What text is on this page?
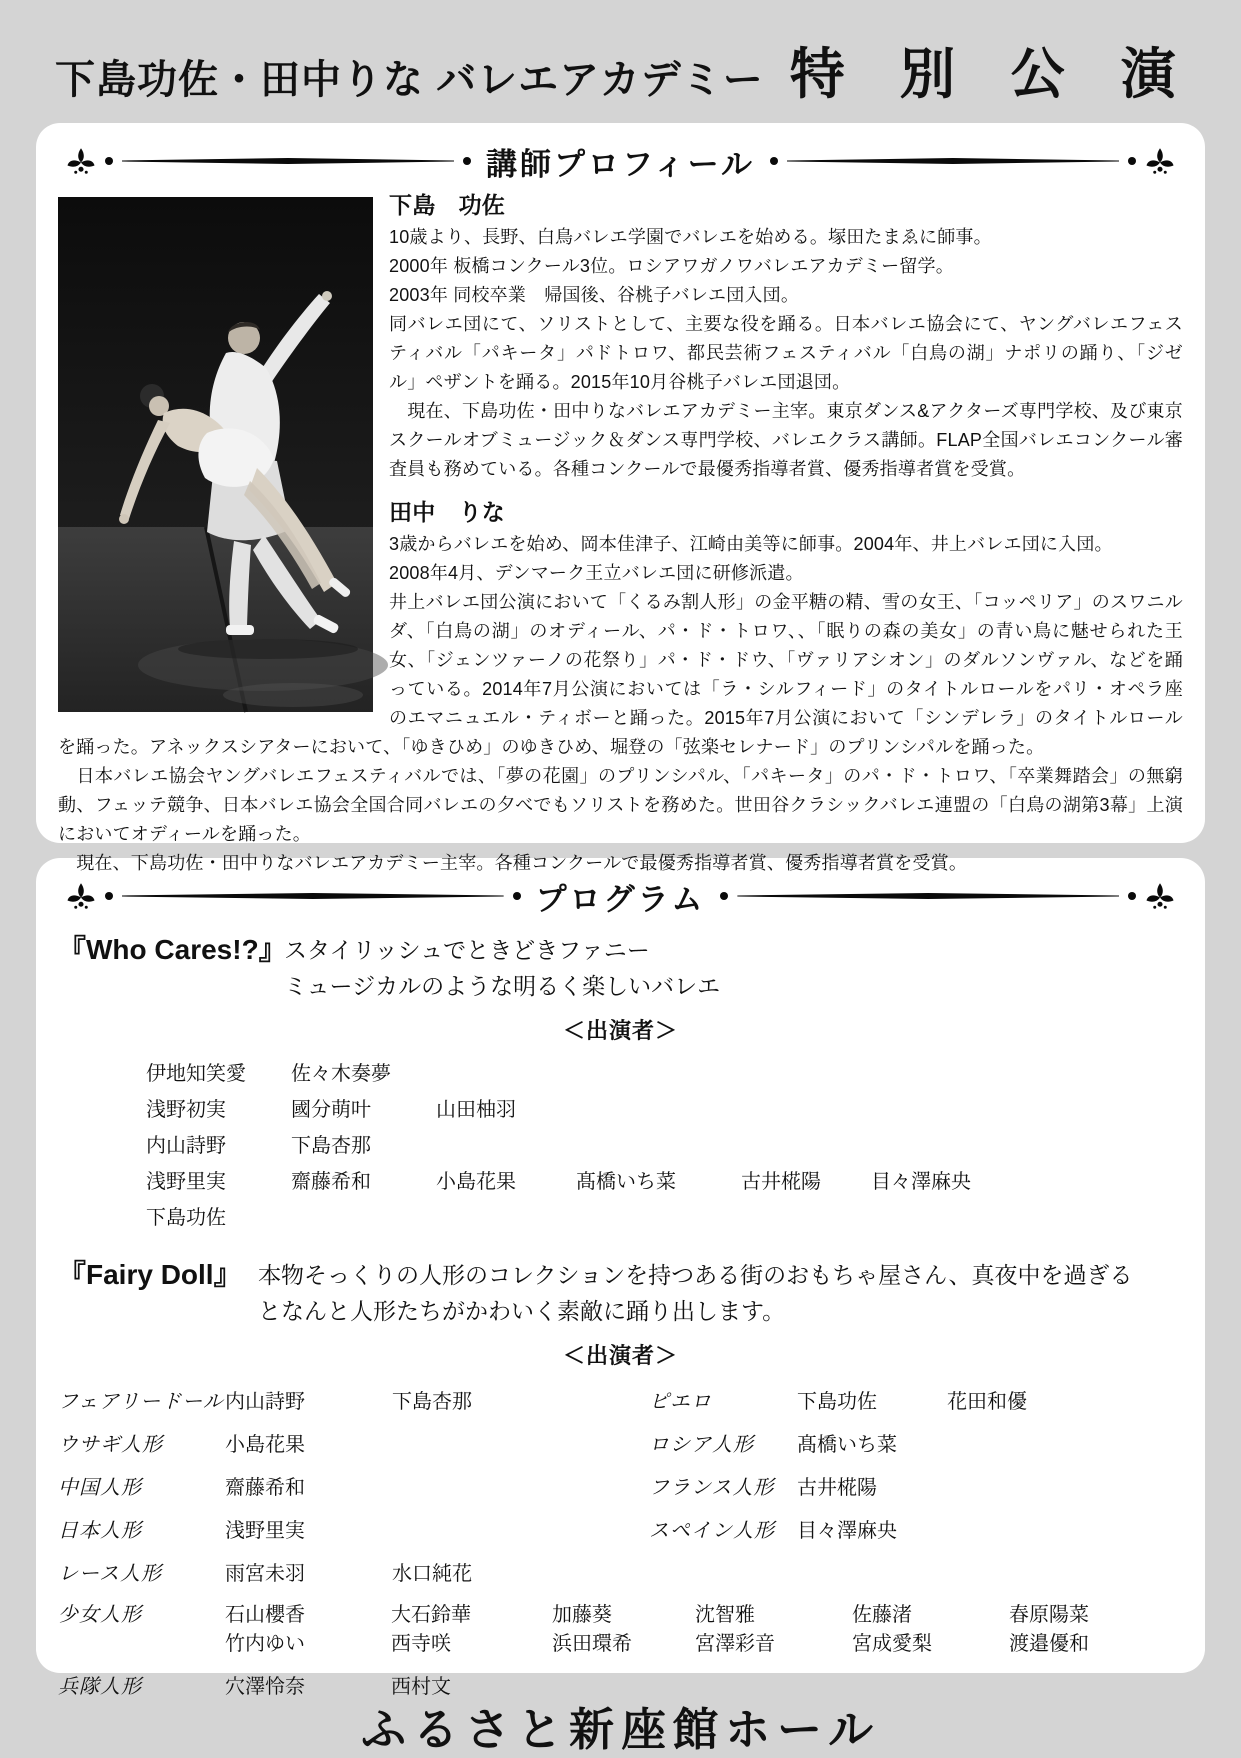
下島功佐・田中りな バレエアカデミー 特 別 公 演
講師プロフィール
下島　功佐

10歳より、長野、白鳥バレエ学園でバレエを始める。塚田たまゑに師事。

2000年 板橋コンクール3位。ロシアワガノワバレエアカデミー留学。

2003年 同校卒業　帰国後、谷桃子バレエ団入団。

同バレエ団にて、ソリストとして、主要な役を踊る。日本バレエ協会にて、ヤングバレエフェスティバル「パキータ」パドトロワ、都民芸術フェスティバル「白鳥の湖」ナポリの踊り、「ジゼル」ペザントを踊る。2015年10月谷桃子バレエ団退団。

　現在、下島功佐・田中りなバレエアカデミー主宰。東京ダンス&アクターズ専門学校、及び東京スクールオブミュージック＆ダンス専門学校、バレエクラス講師。FLAP全国バレエコンクール審査員も務めている。各種コンクールで最優秀指導者賞、優秀指導者賞を受賞。

田中　りな

3歳からバレエを始め、岡本佳津子、江崎由美等に師事。2004年、井上バレエ団に入団。

2008年4月、デンマーク王立バレエ団に研修派遣。

井上バレエ団公演において「くるみ割人形」の金平糖の精、雪の女王、「コッペリア」のスワニルダ、「白鳥の湖」のオディール、パ・ド・トロワ、、「眠りの森の美女」の青い鳥に魅せられた王女、「ジェンツァーノの花祭り」パ・ド・ドウ、「ヴァリアシオン」のダルソンヴァル、などを踊っている。2014年7月公演においては「ラ・シルフィード」のタイトルロールをパリ・オペラ座のエマニュエル・ティボーと踊った。2015年7月公演において「シンデレラ」のタイトルロールを踊った。アネックスシアターにおいて、「ゆきひめ」のゆきひめ、堀登の「弦楽セレナード」のプリンシパルを踊った。

　日本バレエ協会ヤングバレエフェスティバルでは、「夢の花園」のプリンシパル、「パキータ」のパ・ド・トロワ、「卒業舞踏会」の無窮動、フェッテ競争、日本バレエ協会全国合同バレエの夕べでもソリストを務めた。世田谷クラシックバレエ連盟の「白鳥の湖第3幕」上演においてオディールを踊った。

　現在、下島功佐・田中りなバレエアカデミー主宰。各種コンクールで最優秀指導者賞、優秀指導者賞を受賞。

プログラム
『Who Cares!?』
スタイリッシュでときどきファニー
ミュージカルのような明るく楽しいバレエ
＜出演者＞
伊地知笑愛	佐々木奏夢
浅野初実	國分萌叶	山田柚羽
内山詩野	下島杏那
浅野里実	齋藤希和	小島花果	髙橋いち菜	古井椛陽	目々澤麻央
下島功佐
『Fairy Doll』 本物そっくりの人形のコレクションを持つある街のおもちゃ屋さん、真夜中を過ぎる
となんと人形たちがかわいく素敵に踊り出します。
＜出演者＞
フェアリードール 内山詩野	下島杏那	ピエロ	下島功佐	花田和優
ウサギ人形	小島花果	ロシア人形	髙橋いち菜
中国人形	齋藤希和	フランス人形	古井椛陽
日本人形	浅野里実	スペイン人形	目々澤麻央
レース人形	雨宮未羽	水口純花
少女人形	石山櫻香	大石鈴華	加藤葵	沈智雅	佐藤渚	春原陽菜
竹内ゆい	西寺咲	浜田環希	宮澤彩音	宮成愛梨	渡邉優和
兵隊人形	穴澤怜奈	西村文
ふるさと新座館ホール
